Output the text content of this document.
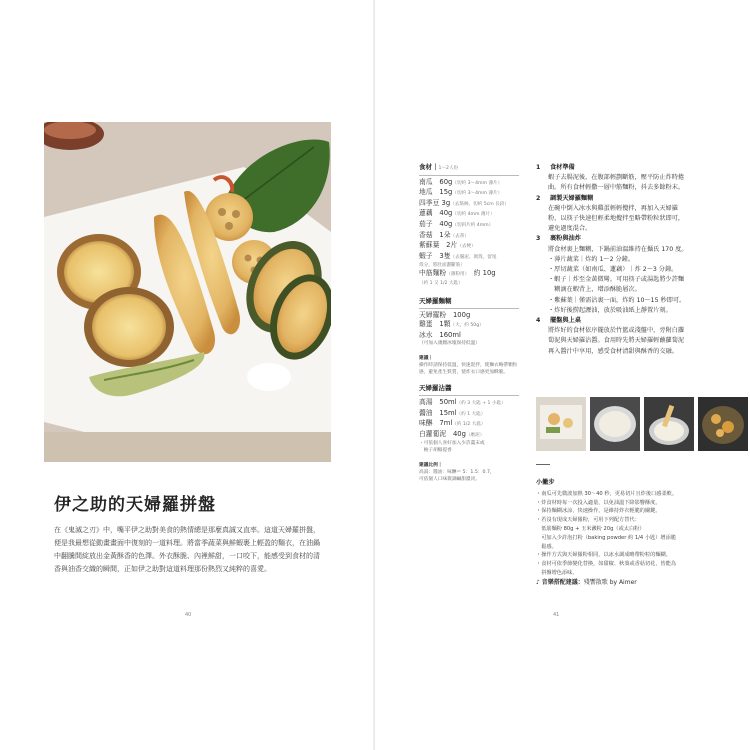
伊之助的天婦羅拼盤
在《鬼滅之刃》中，嘴平伊之助對美食的熱情總是那麼真誠又直率。這道天婦羅拼盤，便是我最想從動畫畫面中復刻的一道料理。將當季蔬菜與鮮蝦裹上輕盈的麵衣，在油鍋中翻騰間綻放出金黃酥香的色澤。外衣酥脆、內裡鮮甜，一口咬下，能感受到食材的清香與油香交織的瞬間，正如伊之助對這道料理那份熱烈又純粹的喜愛。
40
食材｜1～2人份
南瓜　60g（切約 3～4mm 薄片）
地瓜　15g（切約 3～4mm 薄片）
四季豆 3g（去筋絲，切約 5cm 長段）
蓮藕　40g（切約 4mm 薄片）
茄子　40g（切斜片約 4mm）
香菇　1朵（去蒂）
紫蘇葉　2片（去梗）
蝦子　3隻（去腸泥、剝殼，留尾
殼分，將肚面劃斷筋）
中筋麵粉（薄粉用）　約 10g
（約 1 又 1/2 大匙）
天婦羅麵糊
天婦羅粉　100g
雞蛋　1顆（大，約 50g）
冰水　160ml
（可加入幾顆冰塊保持低溫）
建議｜
操作時請保持低溫，快速混拌，使麵衣略帶顆粒感，避免產生麩質，使炸衣口感更加酥脆。
天婦羅沾醬
高湯　50ml（約 3 大匙 + 1 小匙）
醬油　15ml（約 1 大匙）
味醂　7ml（約 1/2 大匙）
白蘿蔔泥　40g（磨泥）
・可依個人喜好加入少許薑末或
　柚子胡椒提香
建議比例｜
高湯：醬油：味醂＝ 5：1.5：0.7，
可依個人口味微調鹹甜濃淡。
1 食材準備
蝦子去腸泥後，在腹部輕劃斷筋，壓平防止炸時捲
曲。所有食材輕撒一層中筋麵粉，抖去多餘粉末。
2 調製天婦羅麵糊
在碗中倒入冰水與雞蛋輕輕攪拌，再加入天婦羅
粉，以筷子快速但輕柔地攪拌至略帶粉粒狀即可，
避免過度混合。
3 裹粉與油炸
將食材裹上麵糊，下鍋前油溫維持在攝氏 170 度。
・薄片蔬菜｜炸約 1～2 分鐘。
・厚切蔬菜（如南瓜、蓮藕）｜炸 2～3 分鐘。
・蝦子｜炸至金黃微彎。可用筷子或湯匙將少許麵
　糊滴在蝦背上，增添酥脆層次。
・紫蘇葉｜僅需沾裹一面，炸約 10～15 秒即可。
・炸好後撈起瀝油，放於吸油紙上靜置片刻。
4 擺盤與上桌
將炸好的食材依序擺放於竹籃或淺盤中，旁附白蘿
蔔泥與天婦羅沾醬。食用時先將天婦羅輕蘸蘿蔔泥
再入醬汁中享用，感受食材清甜與酥香的交融。
小撇步
・南瓜可先微波加熱 30～40 秒，更易切片且炸後口感柔軟。
・炸食材時每一次投入適量，以免油溫下降影響酥度。
・保持麵糊冰涼，快速操作，是維持炸衣輕脆的關鍵。
・若沒有現成天婦羅粉，可用下列配方替代：
　低筋麵粉 80g + 玉米澱粉 20g（或太白粉）
　可加入少許泡打粉（baking powder 約 1/4 小匙）增添脆
　鬆感。
・操作方式與天婦羅粉相同，以冰水調成略帶粉粒的麵糊。
・食材可依季節變化替換，如甜椒、秋葵或香菇切花，皆能為
　拼盤增色添味。
♪ 音樂搭配建議：殘響散歌 by Aimer
41
